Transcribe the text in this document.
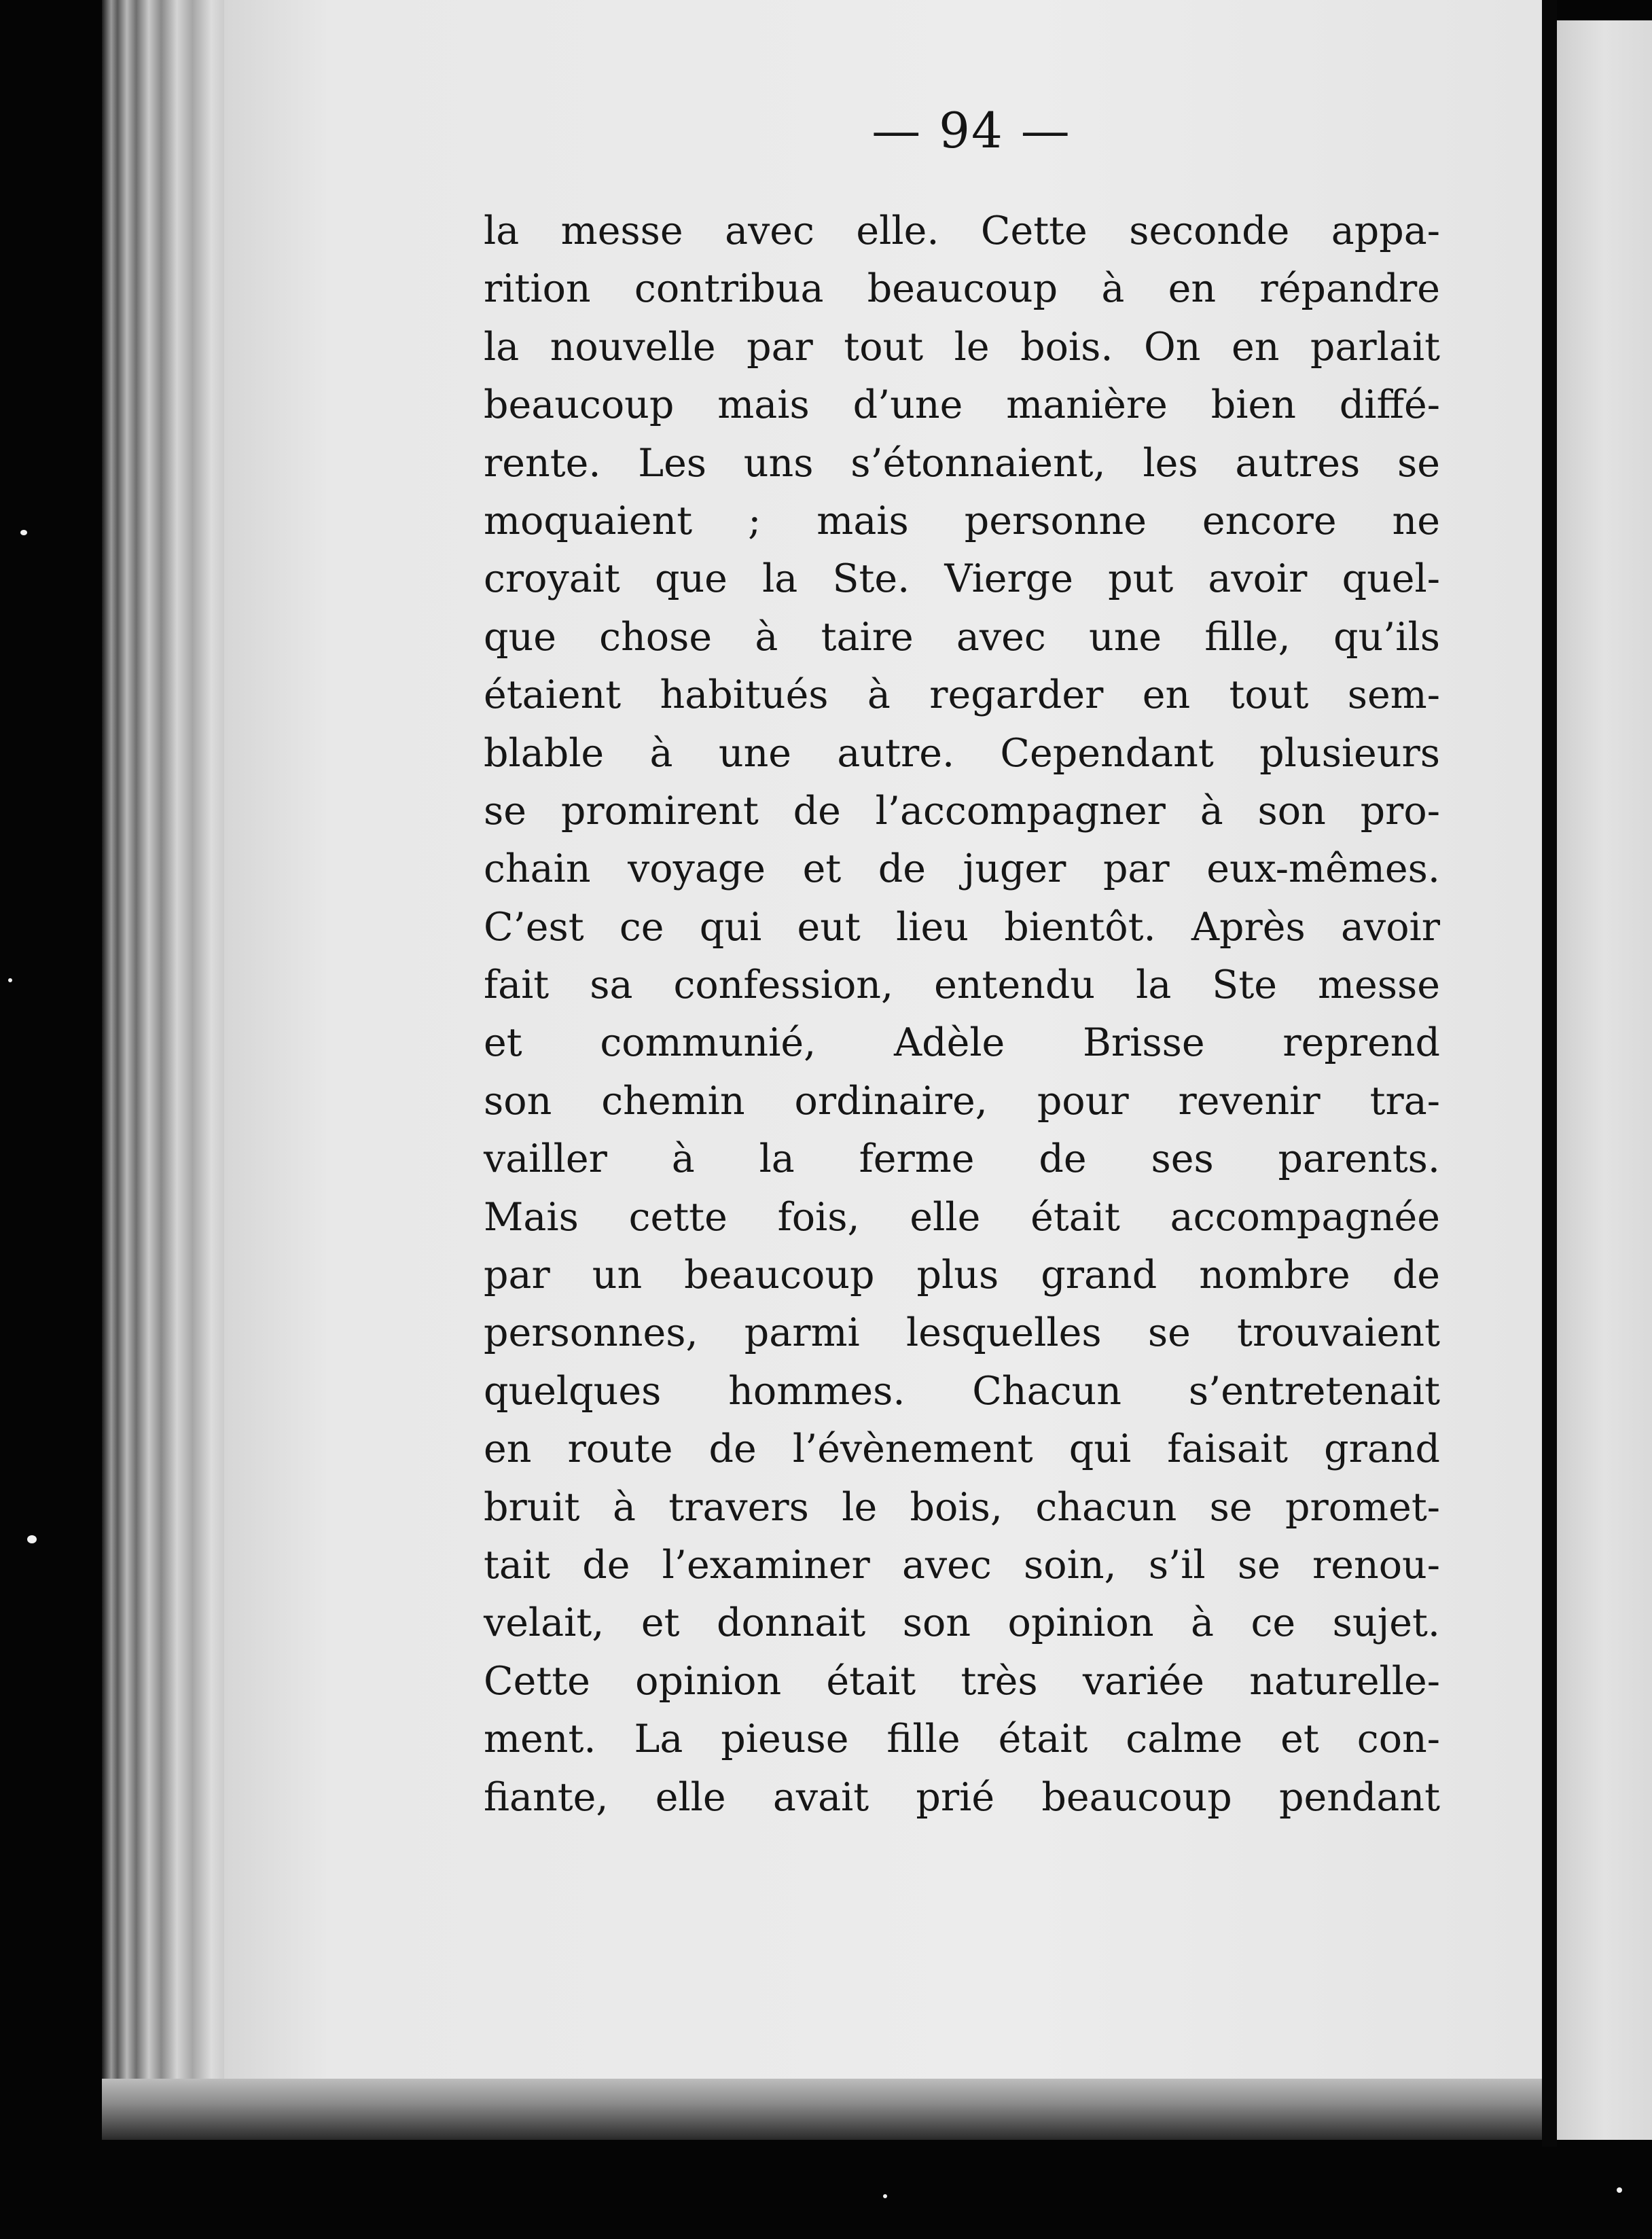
— 94 —
la messe avec elle. Cette seconde appa-
rition contribua beaucoup à en répandre
la nouvelle par tout le bois. On en parlait
beaucoup mais d’une manière bien diffé-
rente. Les uns s’étonnaient, les autres se
moquaient ; mais personne encore ne
croyait que la Ste. Vierge put avoir quel-
que chose à taire avec une fille, qu’ils
étaient habitués à regarder en tout sem-
blable à une autre. Cependant plusieurs
se promirent de l’accompagner à son pro-
chain voyage et de juger par eux-mêmes.
C’est ce qui eut lieu bientôt. Après avoir
fait sa confession, entendu la Ste messe
et communié, Adèle Brisse reprend
son chemin ordinaire, pour revenir tra-
vailler à la ferme de ses parents.
Mais cette fois, elle était accompagnée
par un beaucoup plus grand nombre de
personnes, parmi lesquelles se trouvaient
quelques hommes. Chacun s’entretenait
en route de l’évènement qui faisait grand
bruit à travers le bois, chacun se promet-
tait de l’examiner avec soin, s’il se renou-
velait, et donnait son opinion à ce sujet.
Cette opinion était très variée naturelle-
ment. La pieuse fille était calme et con-
fiante, elle avait prié beaucoup pendant
